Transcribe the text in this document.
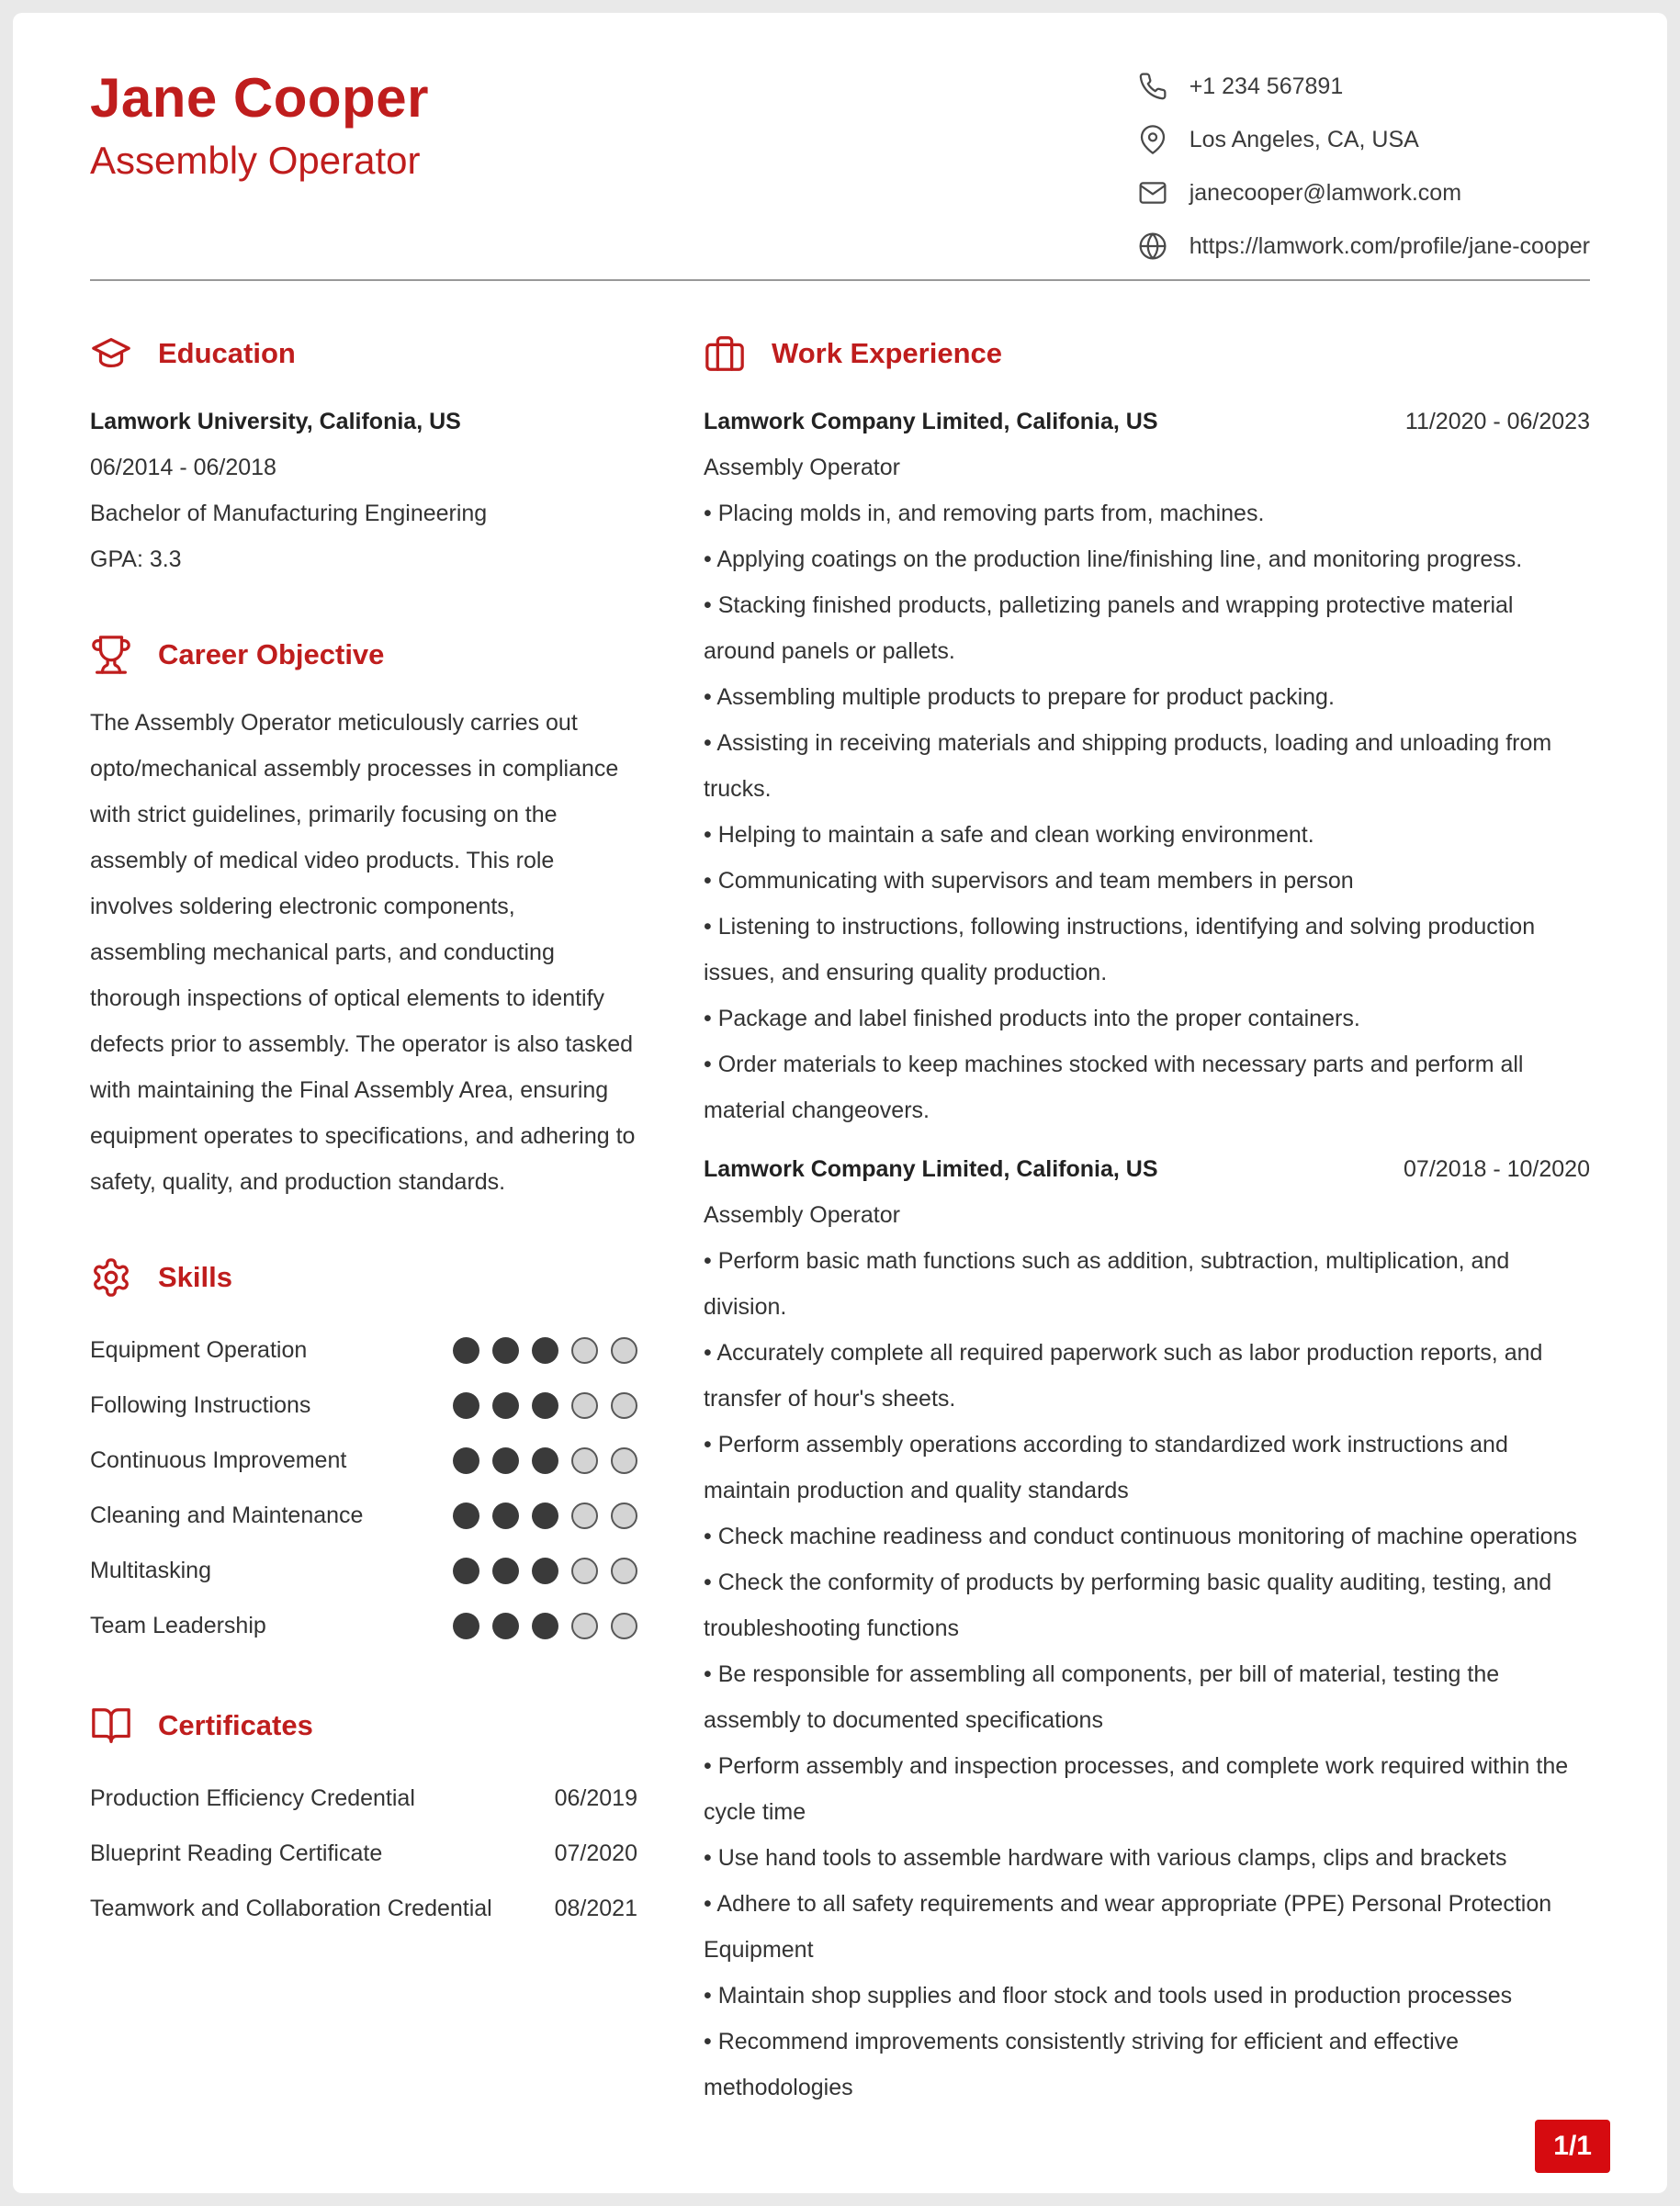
Jane Cooper
Assembly Operator
+1 234 567891
Los Angeles, CA, USA
janecooper@lamwork.com
https://lamwork.com/profile/jane-cooper
Education
Lamwork University, Califonia, US
06/2014 - 06/2018
Bachelor of Manufacturing Engineering
GPA: 3.3
Career Objective

The Assembly Operator meticulously carries out opto/mechanical assembly processes in compliance with strict guidelines, primarily focusing on the assembly of medical video products. This role involves soldering electronic components, assembling mechanical parts, and conducting thorough inspections of optical elements to identify defects prior to assembly. The operator is also tasked with maintaining the Final Assembly Area, ensuring equipment operates to specifications, and adhering to safety, quality, and production standards.

Skills
Equipment Operation
Following Instructions
Continuous Improvement
Cleaning and Maintenance
Multitasking
Team Leadership
Certificates
Production Efficiency Credential	06/2019
Blueprint Reading Certificate	07/2020
Teamwork and Collaboration Credential	08/2021
Work Experience
Lamwork Company Limited, Califonia, US	11/2020 - 06/2023
Assembly Operator
• Placing molds in, and removing parts from, machines.
• Applying coatings on the production line/finishing line, and monitoring progress.
• Stacking finished products, palletizing panels and wrapping protective material around panels or pallets.
• Assembling multiple products to prepare for product packing.
• Assisting in receiving materials and shipping products, loading and unloading from trucks.
• Helping to maintain a safe and clean working environment.
• Communicating with supervisors and team members in person
• Listening to instructions, following instructions, identifying and solving production issues, and ensuring quality production.
• Package and label finished products into the proper containers.
• Order materials to keep machines stocked with necessary parts and perform all material changeovers.
Lamwork Company Limited, Califonia, US	07/2018 - 10/2020
Assembly Operator
• Perform basic math functions such as addition, subtraction, multiplication, and division.
• Accurately complete all required paperwork such as labor production reports, and transfer of hour's sheets.
• Perform assembly operations according to standardized work instructions and maintain production and quality standards
• Check machine readiness and conduct continuous monitoring of machine operations
• Check the conformity of products by performing basic quality auditing, testing, and troubleshooting functions
• Be responsible for assembling all components, per bill of material, testing the assembly to documented specifications
• Perform assembly and inspection processes, and complete work required within the cycle time
• Use hand tools to assemble hardware with various clamps, clips and brackets
• Adhere to all safety requirements and wear appropriate (PPE) Personal Protection Equipment
• Maintain shop supplies and floor stock and tools used in production processes
• Recommend improvements consistently striving for efficient and effective methodologies
1/1
